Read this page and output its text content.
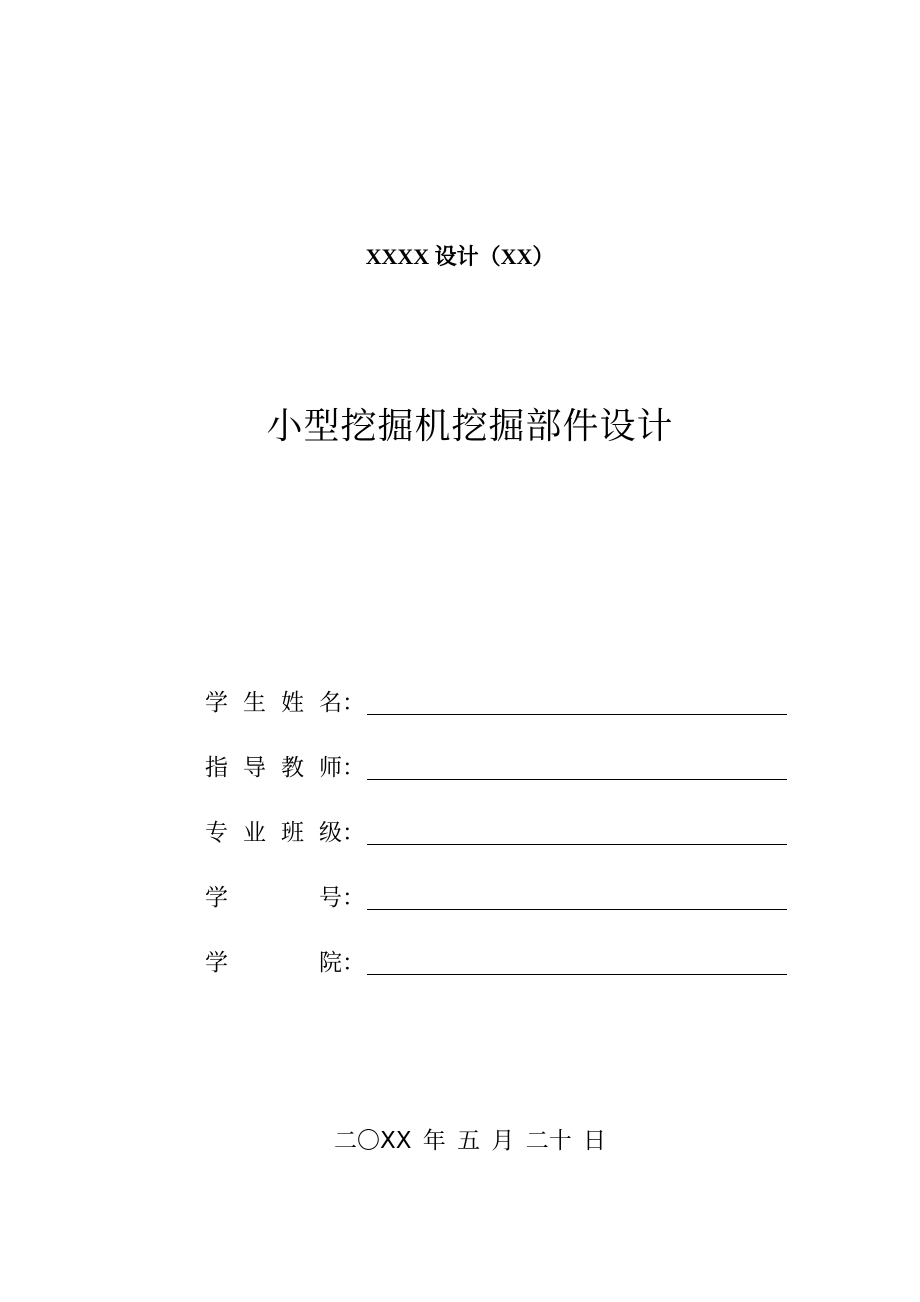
XXXX 设计（XX）
小型挖掘机挖掘部件设计
学 生 姓 名：
指 导 教 师：
专 业 班 级：
学	号：
学	院：
二〇XX 年 五 月 二十 日
